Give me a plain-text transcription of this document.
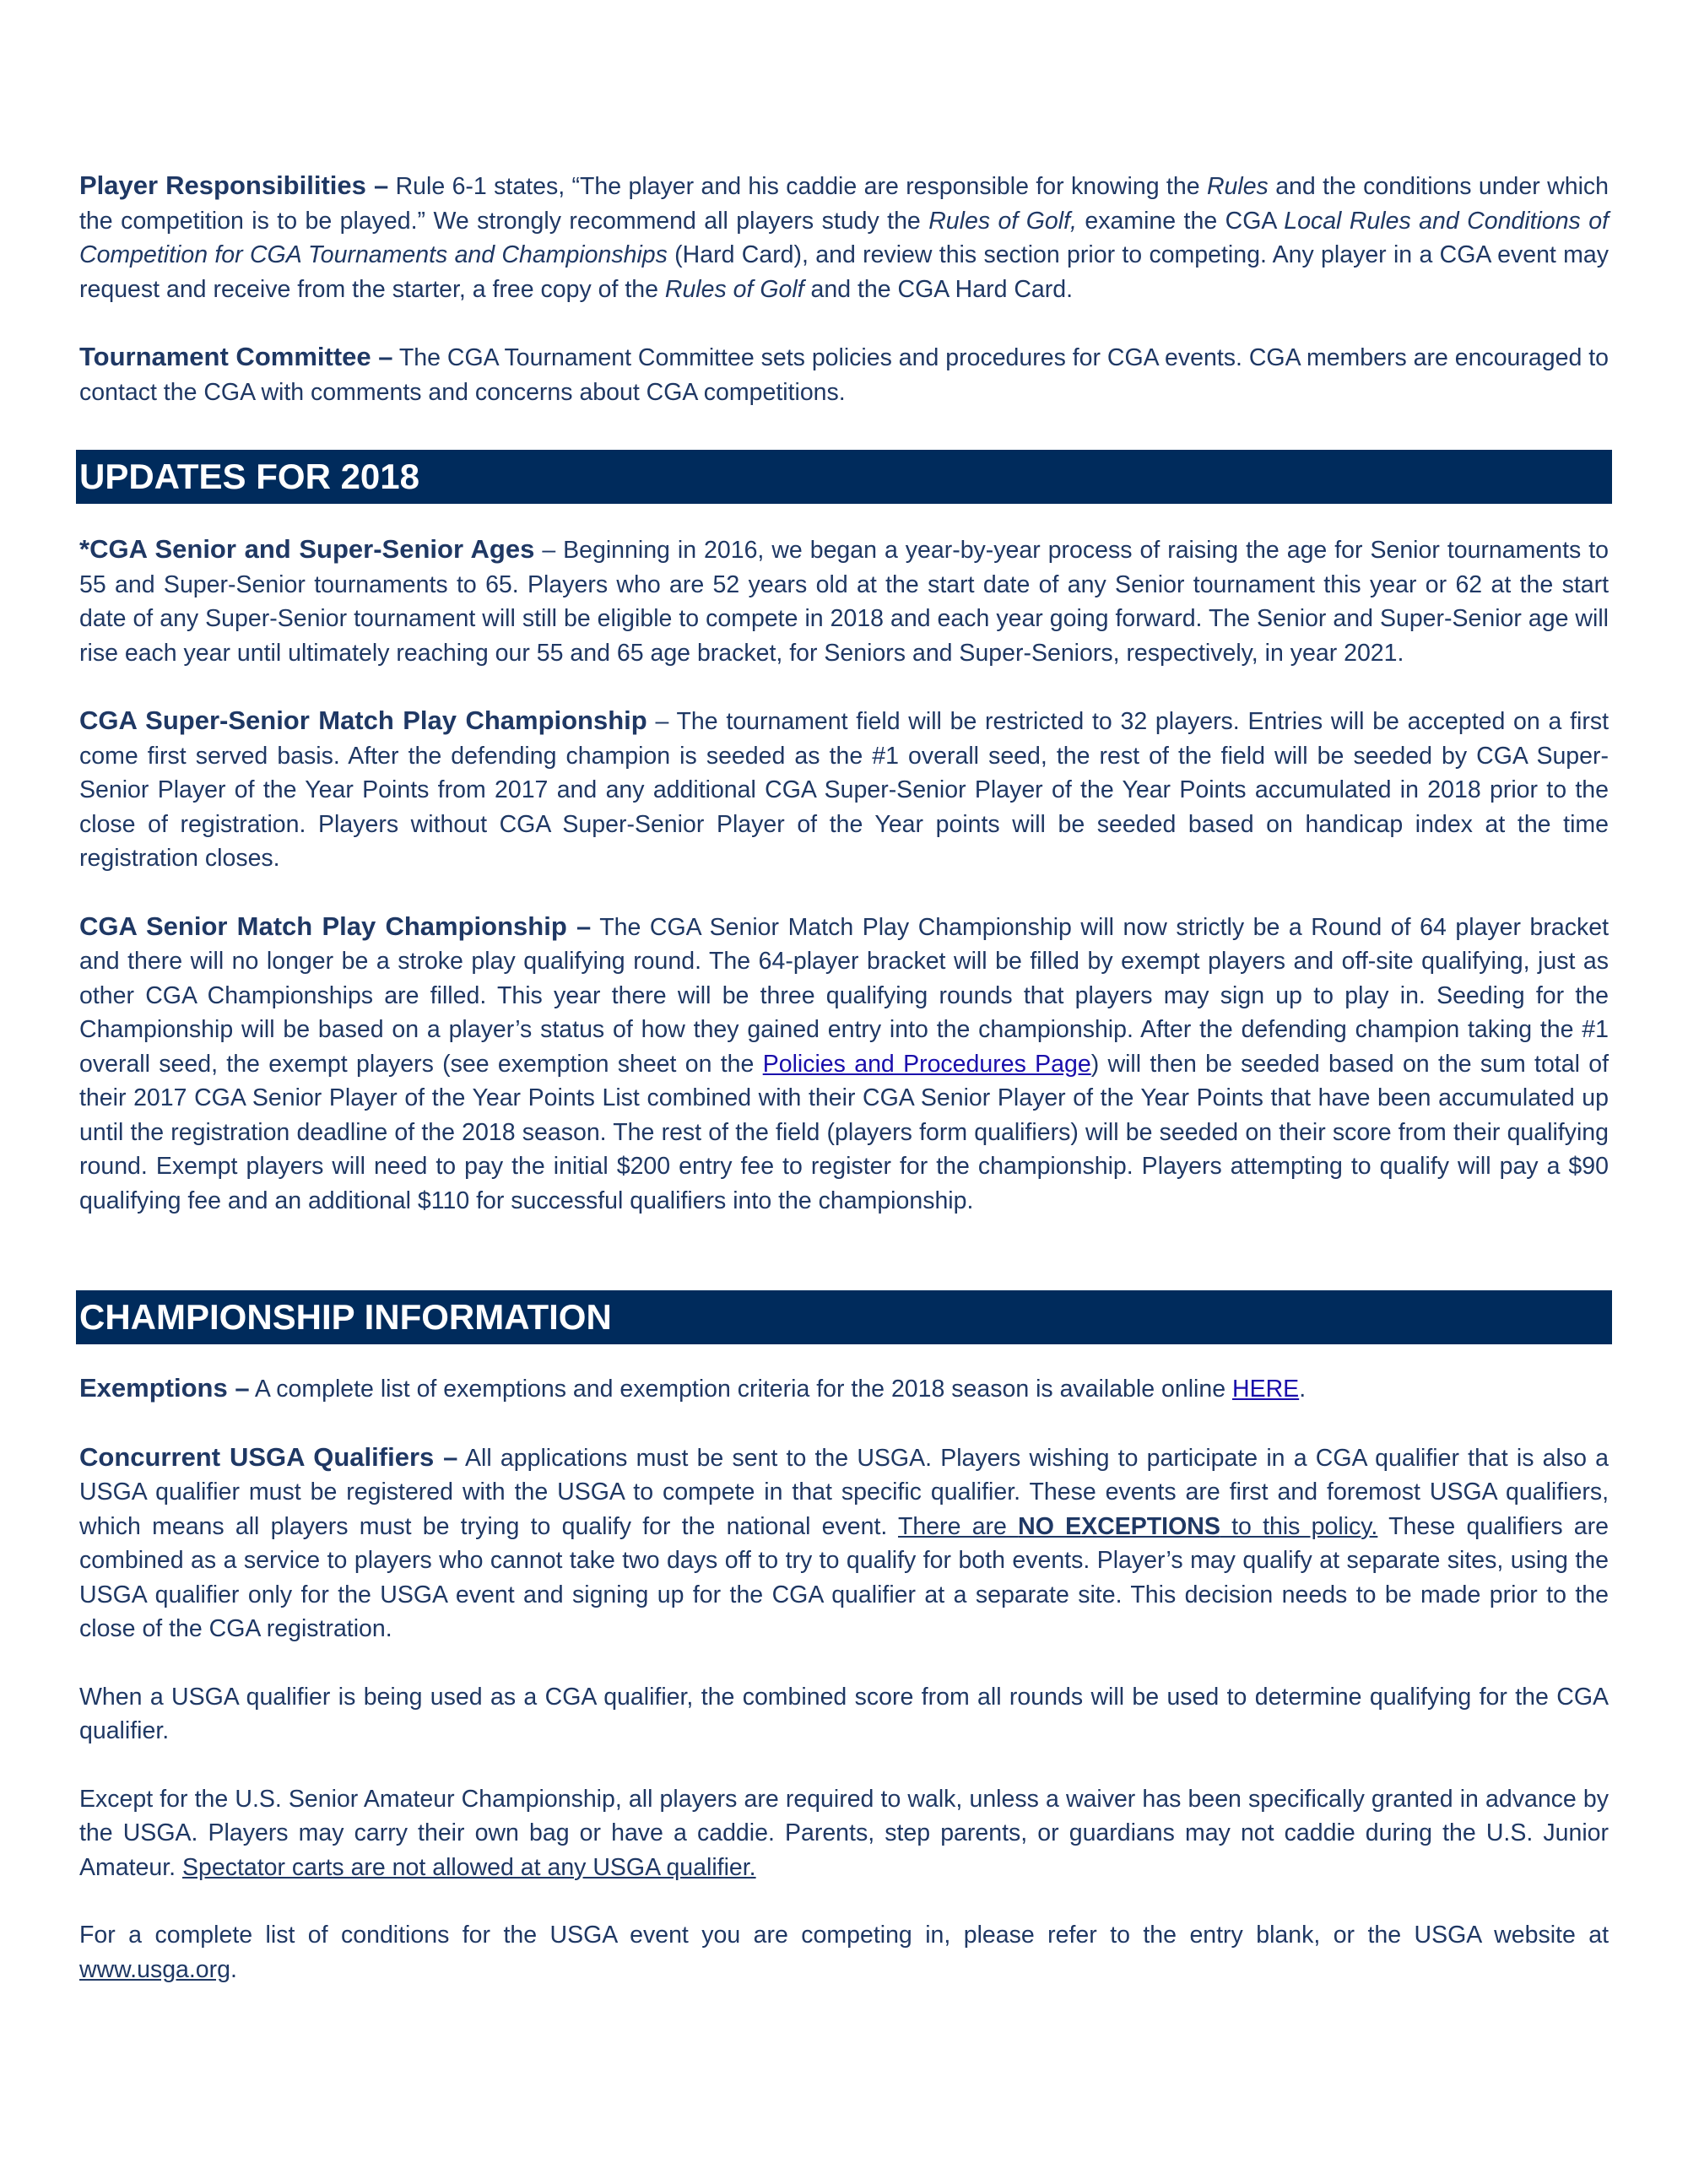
Player Responsibilities – Rule 6-1 states, “The player and his caddie are responsible for knowing the Rules and the conditions under which the competition is to be played.” We strongly recommend all players study the Rules of Golf, examine the CGA Local Rules and Conditions of Competition for CGA Tournaments and Championships (Hard Card), and review this section prior to competing. Any player in a CGA event may request and receive from the starter, a free copy of the Rules of Golf and the CGA Hard Card.

Tournament Committee – The CGA Tournament Committee sets policies and procedures for CGA events. CGA members are encouraged to contact the CGA with comments and concerns about CGA competitions.

UPDATES FOR 2018

*CGA Senior and Super-Senior Ages – Beginning in 2016, we began a year-by-year process of raising the age for Senior tournaments to 55 and Super-Senior tournaments to 65. Players who are 52 years old at the start date of any Senior tournament this year or 62 at the start date of any Super-Senior tournament will still be eligible to compete in 2018 and each year going forward. The Senior and Super-Senior age will rise each year until ultimately reaching our 55 and 65 age bracket, for Seniors and Super-Seniors, respectively, in year 2021.

CGA Super-Senior Match Play Championship – The tournament field will be restricted to 32 players. Entries will be accepted on a first come first served basis. After the defending champion is seeded as the #1 overall seed, the rest of the field will be seeded by CGA Super-Senior Player of the Year Points from 2017 and any additional CGA Super-Senior Player of the Year Points accumulated in 2018 prior to the close of registration. Players without CGA Super-Senior Player of the Year points will be seeded based on handicap index at the time registration closes.

CGA Senior Match Play Championship – The CGA Senior Match Play Championship will now strictly be a Round of 64 player bracket and there will no longer be a stroke play qualifying round. The 64-player bracket will be filled by exempt players and off-site qualifying, just as other CGA Championships are filled. This year there will be three qualifying rounds that players may sign up to play in. Seeding for the Championship will be based on a player’s status of how they gained entry into the championship. After the defending champion taking the #1 overall seed, the exempt players (see exemption sheet on the Policies and Procedures Page) will then be seeded based on the sum total of their 2017 CGA Senior Player of the Year Points List combined with their CGA Senior Player of the Year Points that have been accumulated up until the registration deadline of the 2018 season. The rest of the field (players form qualifiers) will be seeded on their score from their qualifying round. Exempt players will need to pay the initial $200 entry fee to register for the championship. Players attempting to qualify will pay a $90 qualifying fee and an additional $110 for successful qualifiers into the championship.

CHAMPIONSHIP INFORMATION

Exemptions – A complete list of exemptions and exemption criteria for the 2018 season is available online HERE.

Concurrent USGA Qualifiers – All applications must be sent to the USGA. Players wishing to participate in a CGA qualifier that is also a USGA qualifier must be registered with the USGA to compete in that specific qualifier. These events are first and foremost USGA qualifiers, which means all players must be trying to qualify for the national event. There are NO EXCEPTIONS to this policy. These qualifiers are combined as a service to players who cannot take two days off to try to qualify for both events. Player’s may qualify at separate sites, using the USGA qualifier only for the USGA event and signing up for the CGA qualifier at a separate site. This decision needs to be made prior to the close of the CGA registration.

When a USGA qualifier is being used as a CGA qualifier, the combined score from all rounds will be used to determine qualifying for the CGA qualifier.

Except for the U.S. Senior Amateur Championship, all players are required to walk, unless a waiver has been specifically granted in advance by the USGA. Players may carry their own bag or have a caddie. Parents, step parents, or guardians may not caddie during the U.S. Junior Amateur. Spectator carts are not allowed at any USGA qualifier.

For a complete list of conditions for the USGA event you are competing in, please refer to the entry blank, or the USGA website at www.usga.org.
